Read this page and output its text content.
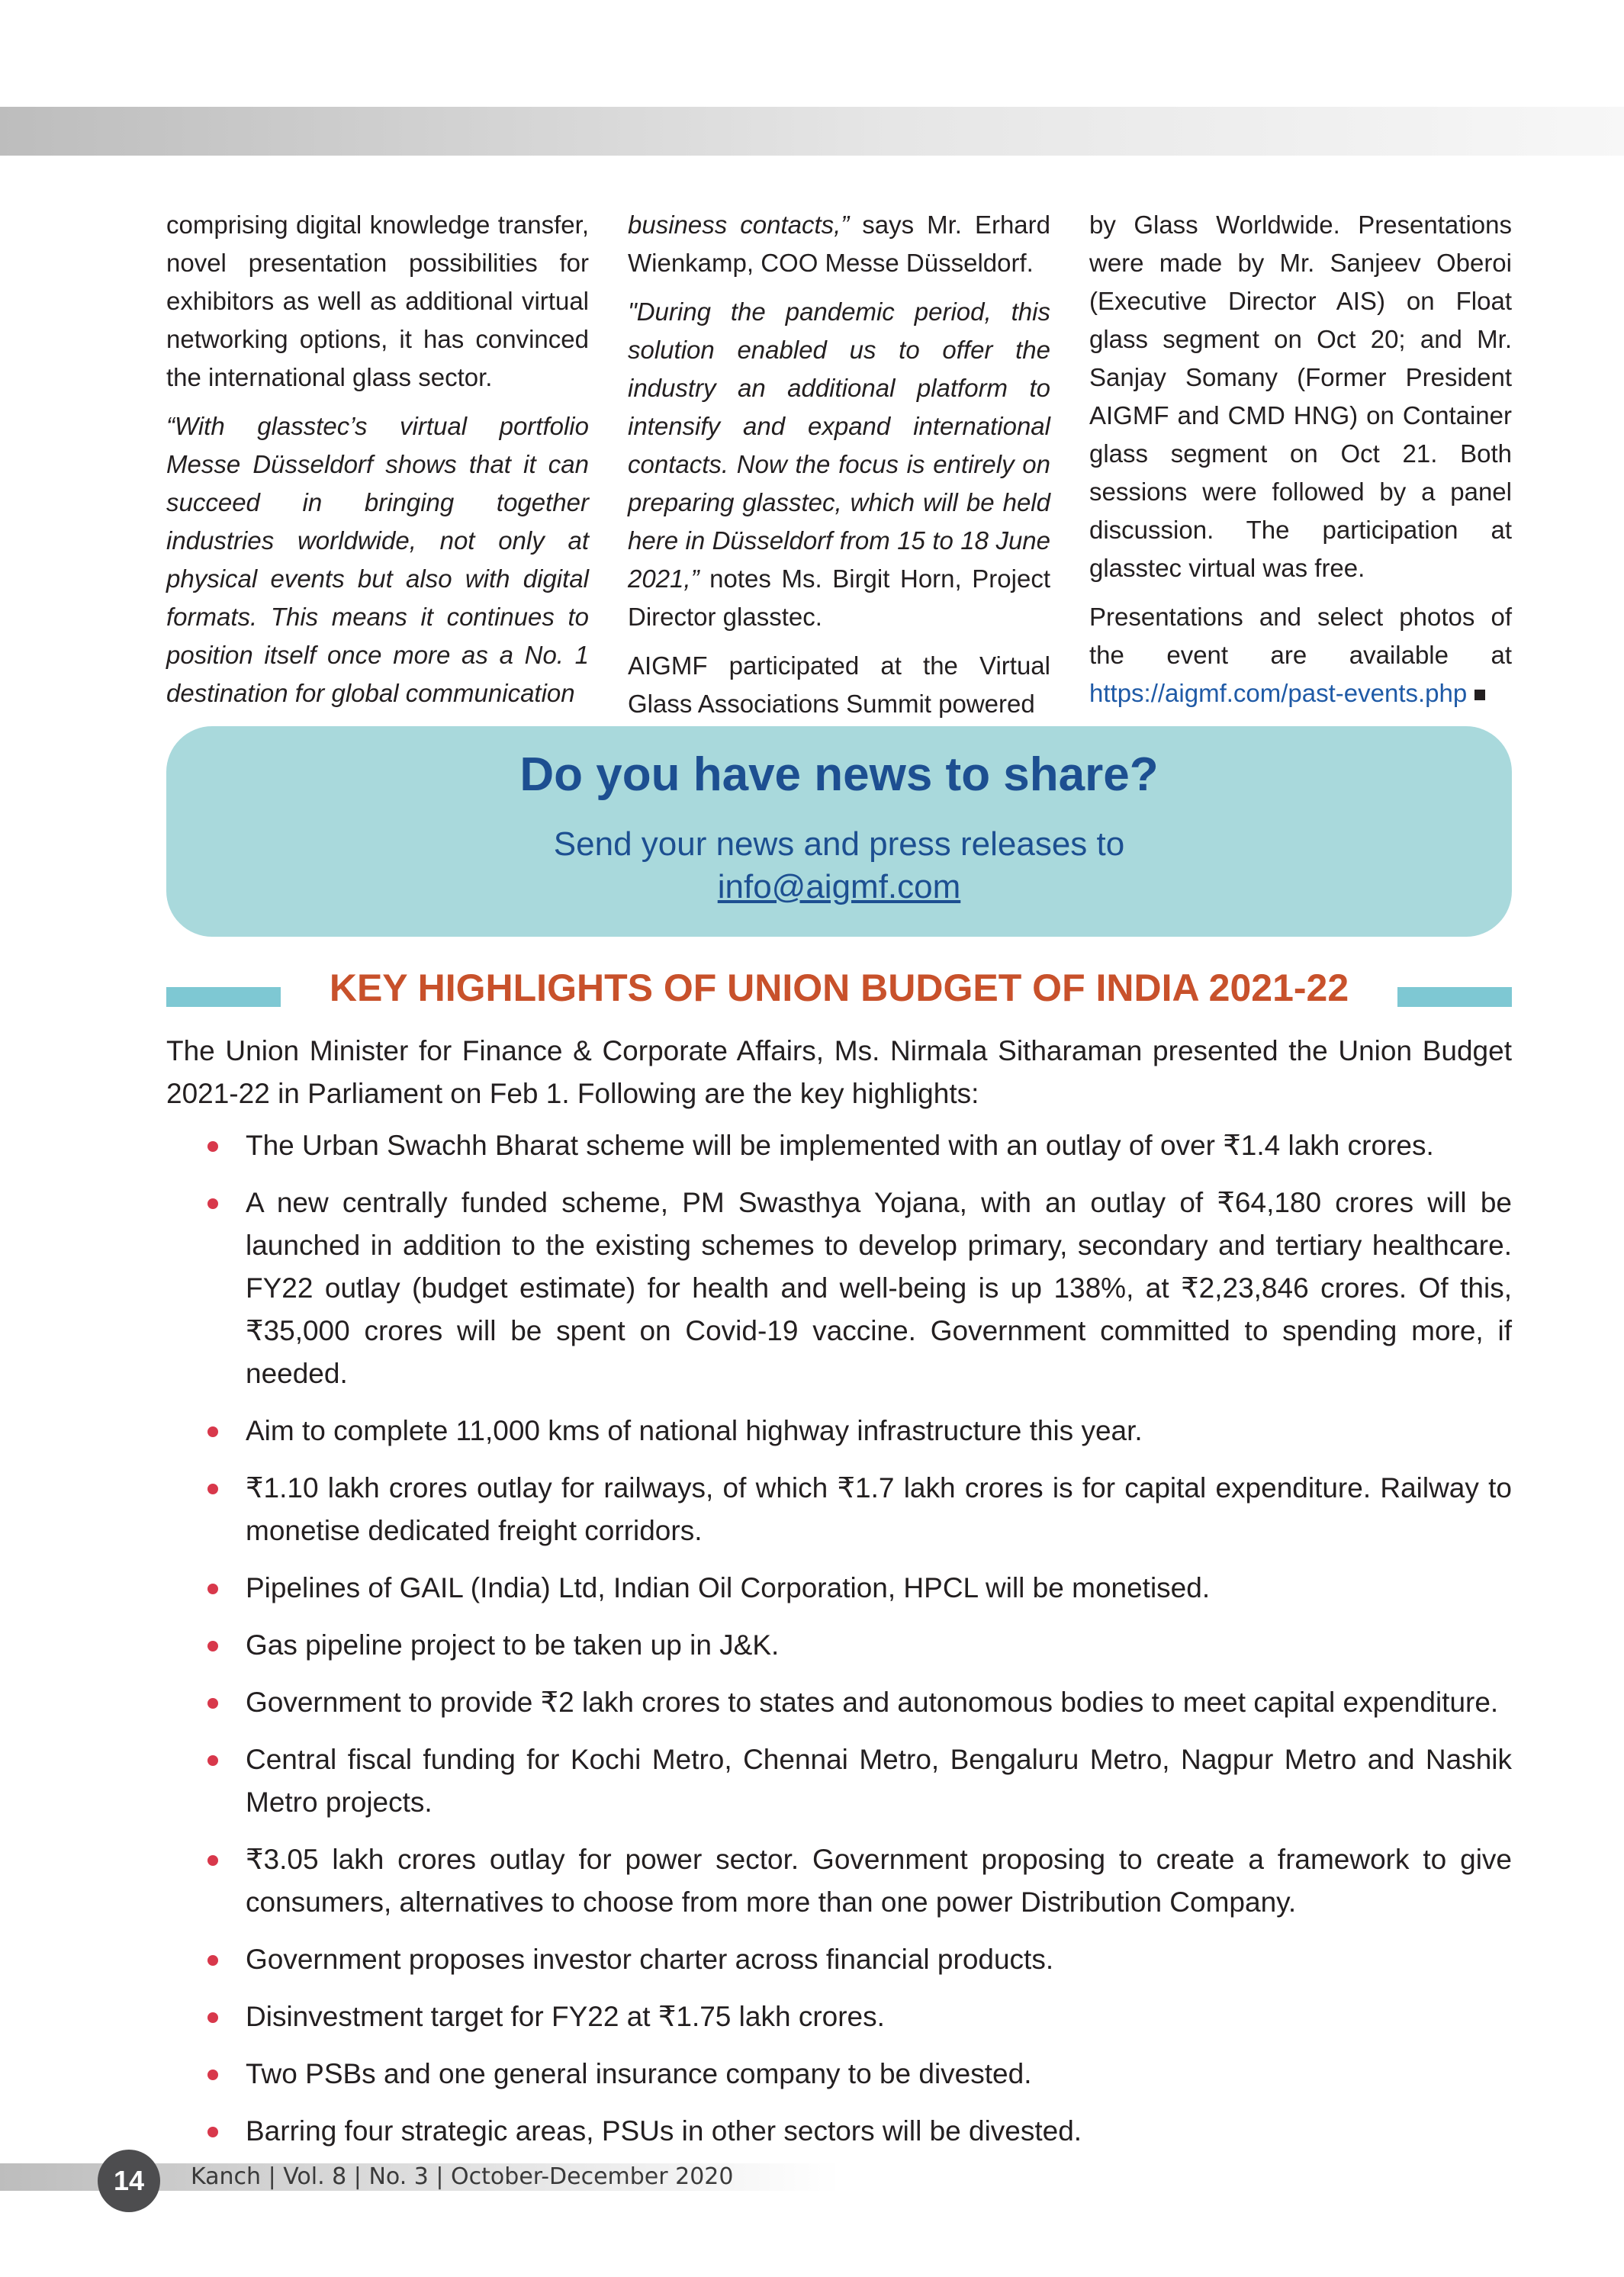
comprising digital knowledge transfer, novel presentation possibilities for exhibitors as well as additional virtual networking options, it has convinced the international glass sector.

“With glasstec’s virtual portfolio Messe Düsseldorf shows that it can succeed in bringing together industries worldwide, not only at physical events but also with digital formats. This means it continues to position itself once more as a No. 1 destination for global communication

business contacts,” says Mr. Erhard Wienkamp, COO Messe Düsseldorf.

"During the pandemic period, this solution enabled us to offer the industry an additional platform to intensify and expand international contacts. Now the focus is entirely on preparing glasstec, which will be held here in Düsseldorf from 15 to 18 June 2021,” notes Ms. Birgit Horn, Project Director glasstec.

AIGMF participated at the Virtual Glass Associations Summit powered

by Glass Worldwide. Presentations were made by Mr. Sanjeev Oberoi (Executive Director AIS) on Float glass segment on Oct 20; and Mr. Sanjay Somany (Former President AIGMF and CMD HNG) on Container glass segment on Oct 21. Both sessions were followed by a panel discussion. The participation at glasstec virtual was free.

Presentations and select photos of the event are available at https://aigmf.com/past-events.php

Do you have news to share?
Send your news and press releases to
info@aigmf.com
KEY HIGHLIGHTS OF UNION BUDGET OF INDIA 2021-22
The Union Minister for Finance & Corporate Affairs, Ms. Nirmala Sitharaman presented the Union Budget 2021-22 in Parliament on Feb 1. Following are the key highlights:
The Urban Swachh Bharat scheme will be implemented with an outlay of over ₹1.4 lakh crores.
A new centrally funded scheme, PM Swasthya Yojana, with an outlay of ₹64,180 crores will be launched in addition to the existing schemes to develop primary, secondary and tertiary healthcare. FY22 outlay (budget estimate) for health and well-being is up 138%, at ₹2,23,846 crores. Of this, ₹35,000 crores will be spent on Covid-19 vaccine. Government committed to spending more, if needed.
Aim to complete 11,000 kms of national highway infrastructure this year.
₹1.10 lakh crores outlay for railways, of which ₹1.7 lakh crores is for capital expenditure. Railway to monetise dedicated freight corridors.
Pipelines of GAIL (India) Ltd, Indian Oil Corporation, HPCL will be monetised.
Gas pipeline project to be taken up in J&K.
Government to provide ₹2 lakh crores to states and autonomous bodies to meet capital expenditure.
Central fiscal funding for Kochi Metro, Chennai Metro, Bengaluru Metro, Nagpur Metro and Nashik Metro projects.
₹3.05 lakh crores outlay for power sector. Government proposing to create a framework to give consumers, alternatives to choose from more than one power Distribution Company.
Government proposes investor charter across financial products.
Disinvestment target for FY22 at ₹1.75 lakh crores.
Two PSBs and one general insurance company to be divested.
Barring four strategic areas, PSUs in other sectors will be divested.
14	Kanch | Vol. 8 | No. 3 | October-December 2020
